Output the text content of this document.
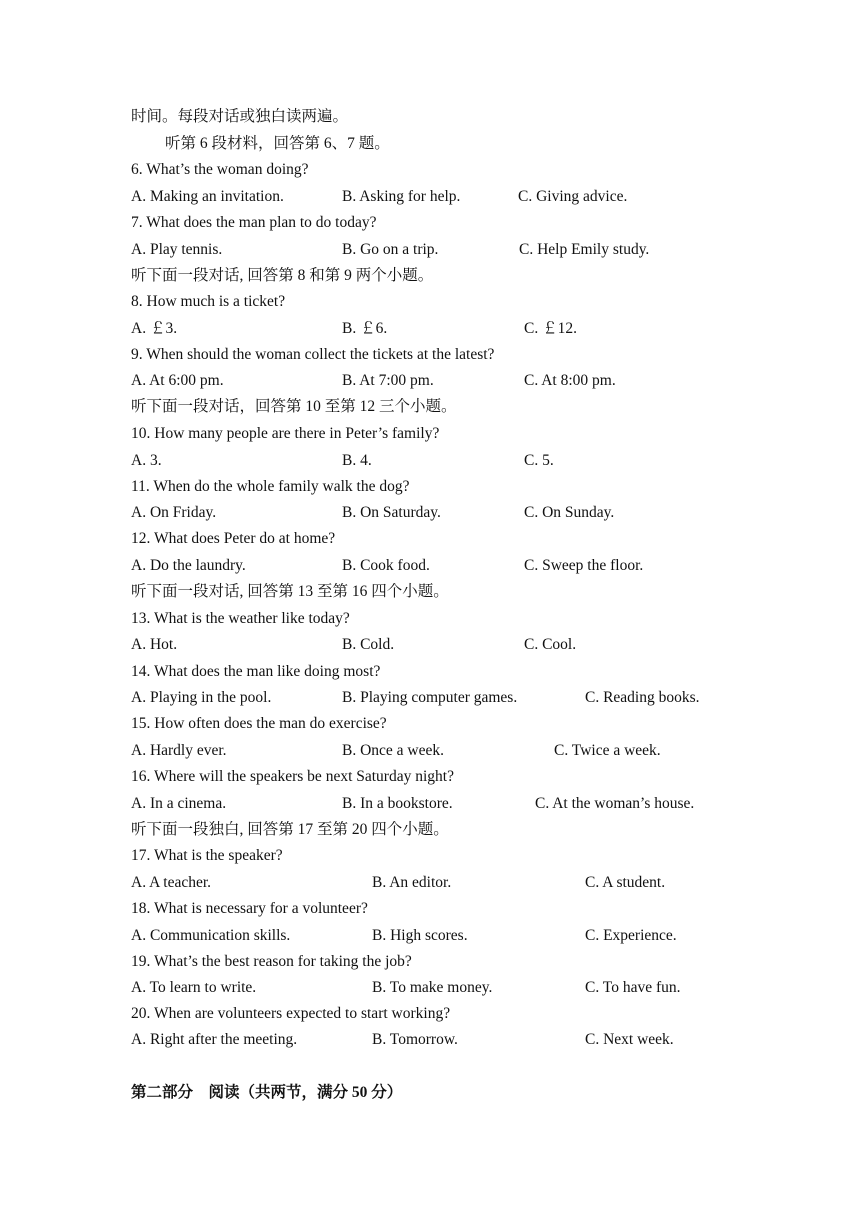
时间。每段对话或独白读两遍。
听第 6 段材料，回答第 6、7 题。
6. What’s the woman doing?
A. Making an invitation.	B. Asking for help.	C. Giving advice.
7. What does the man plan to do today?
A. Play tennis.	B. Go on a trip.	C. Help Emily study.
听下面一段对话, 回答第 8 和第 9 两个小题。
8. How much is a ticket?
A. ￡3.	B. ￡6.	C. ￡12.
9. When should the woman collect the tickets at the latest?
A. At 6:00 pm.	B. At 7:00 pm.	C. At 8:00 pm.
听下面一段对话，回答第 10 至第 12 三个小题。
10. How many people are there in Peter’s family?
A. 3.	B. 4.	C. 5.
11. When do the whole family walk the dog?
A. On Friday.	B. On Saturday.	C. On Sunday.
12. What does Peter do at home?
A. Do the laundry.	B. Cook food.	C. Sweep the floor.
听下面一段对话, 回答第 13 至第 16 四个小题。
13. What is the weather like today?
A. Hot.	B. Cold.	C. Cool.
14. What does the man like doing most?
A. Playing in the pool.	B. Playing computer games.	C. Reading books.
15. How often does the man do exercise?
A. Hardly ever.	B. Once a week.	C. Twice a week.
16. Where will the speakers be next Saturday night?
A. In a cinema.	B. In a bookstore.	C. At the woman’s house.
听下面一段独白, 回答第 17 至第 20 四个小题。
17. What is the speaker?
A. A teacher.	B. An editor.	C. A student.
18. What is necessary for a volunteer?
A. Communication skills.	B. High scores.	C. Experience.
19. What’s the best reason for taking the job?
A. To learn to write.	B. To make money.	C. To have fun.
20. When are volunteers expected to start working?
A. Right after the meeting.	B. Tomorrow.	C. Next week.
第二部分　阅读（共两节，满分 50 分）
